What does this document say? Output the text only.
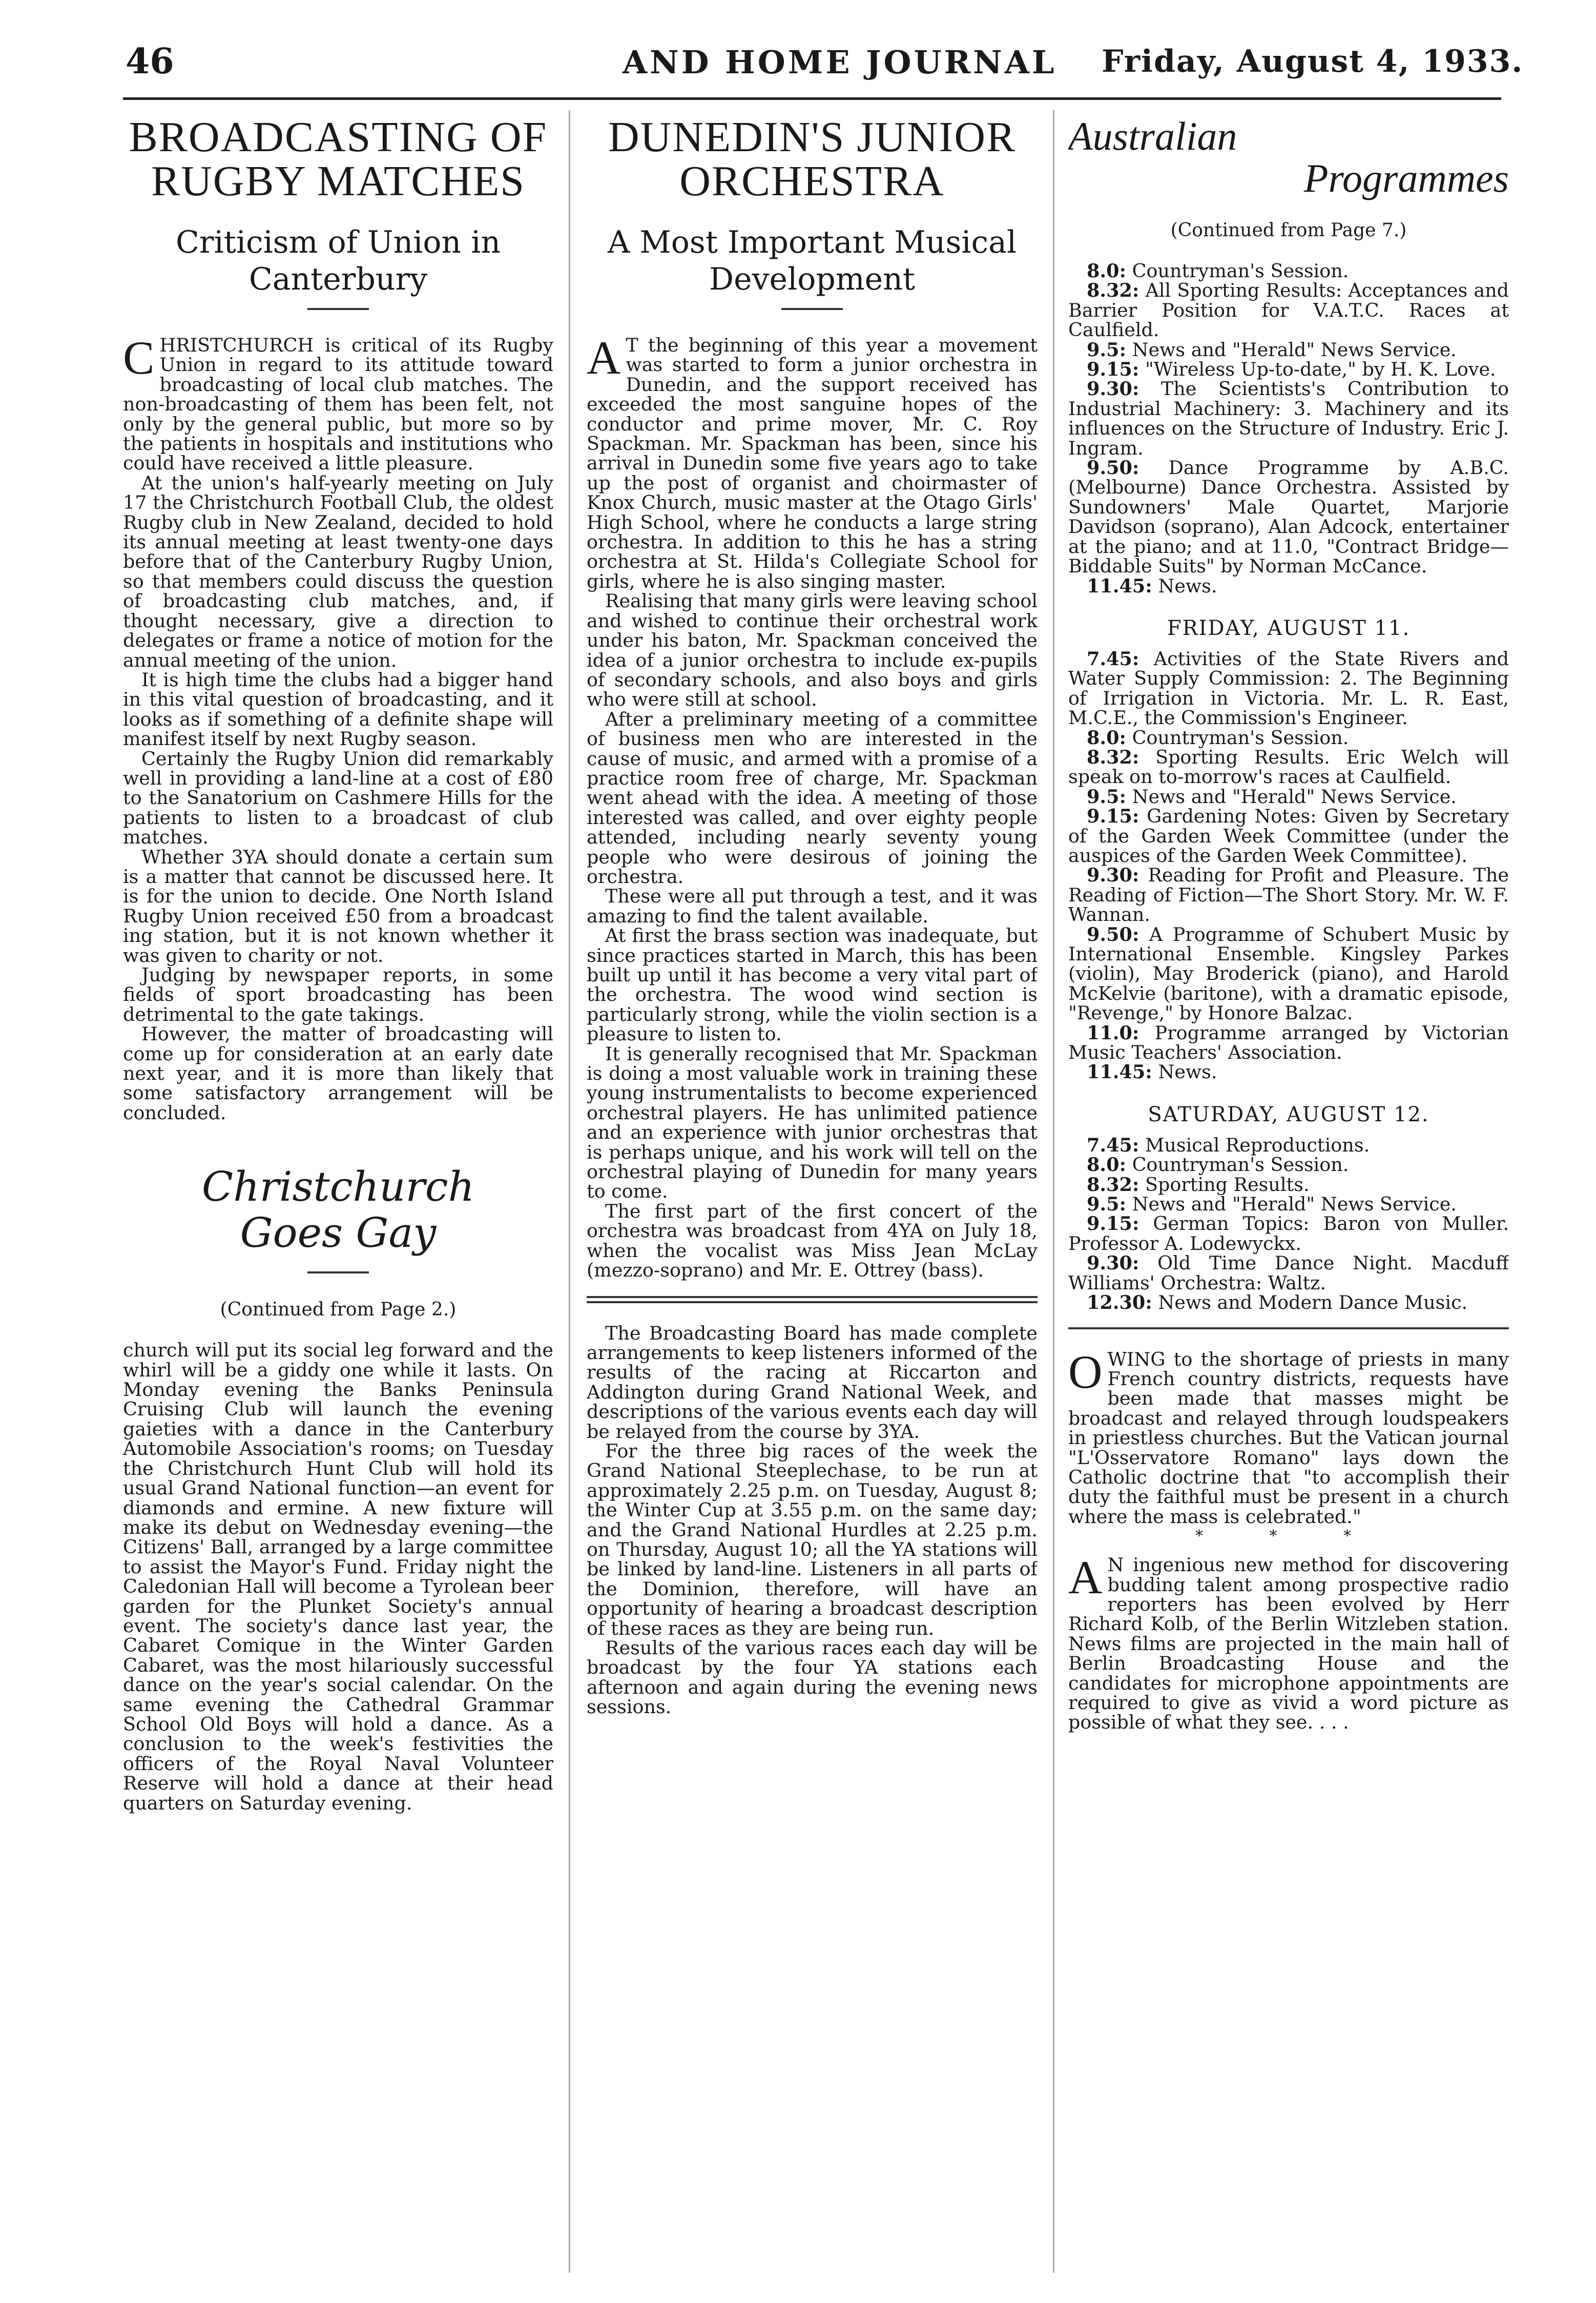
46	AND HOME JOURNAL Friday, August 4, 1933.
BROADCASTING OF RUGBY MATCHES
Criticism of Union in Canterbury

CHRISTCHURCH is critical of its Rugby Union in regard to its attitude toward broadcasting of local club matches. The non-broadcasting of them has been felt, not only by the general public, but more so by the patients in hospitals and institutions who could have received a little pleasure.

At the union's half-yearly meeting on July 17 the Christchurch Football Club, the oldest Rugby club in New Zealand, decided to hold its annual meeting at least twenty-one days before that of the Canterbury Rugby Union, so that members could discuss the question of broadcasting club matches, and, if thought necessary, give a direction to delegates or frame a notice of motion for the annual meeting of the union.

It is high time the clubs had a bigger hand in this vital question of broadcasting, and it looks as if something of a definite shape will manifest itself by next Rugby season.

Certainly the Rugby Union did remarkably well in providing a land-line at a cost of £80 to the Sanatorium on Cashmere Hills for the patients to listen to a broadcast of club matches.

Whether 3YA should donate a certain sum is a matter that cannot be discussed here. It is for the union to decide. One North Island Rugby Union received £50 from a broadcast ing station, but it is not known whether it was given to charity or not.

Judging by newspaper reports, in some fields of sport broadcasting has been detrimental to the gate takings.

However, the matter of broadcasting will come up for consideration at an early date next year, and it is more than likely that some satisfactory arrangement will be concluded.

Christchurch
Goes Gay
(Continued from Page 2.)

church will put its social leg forward and the whirl will be a giddy one while it lasts. On Monday evening the Banks Peninsula Cruising Club will launch the evening gaieties with a dance in the Canterbury Automobile Association's rooms; on Tuesday the Christchurch Hunt Club will hold its usual Grand National function—an event for diamonds and ermine. A new fixture will make its debut on Wednesday evening—the Citizens' Ball, arranged by a large committee to assist the Mayor's Fund. Friday night the Caledonian Hall will become a Tyrolean beer garden for the Plunket Society's annual event. The society's dance last year, the Cabaret Comique in the Winter Garden Cabaret, was the most hilariously successful dance on the year's social calendar. On the same evening the Cathedral Grammar School Old Boys will hold a dance. As a conclusion to the week's festivities the officers of the Royal Naval Volunteer Reserve will hold a dance at their head quarters on Saturday evening.

DUNEDIN'S JUNIOR ORCHESTRA
A Most Important Musical Development

A T the beginning of this year a movement was started to form a junior orchestra in Dunedin, and the support received has exceeded the most sanguine hopes of the conductor and prime mover, Mr. C. Roy Spackman. Mr. Spackman has been, since his arrival in Dunedin some five years ago to take up the post of organist and choirmaster of Knox Church, music master at the Otago Girls' High School, where he conducts a large string orchestra. In addition to this he has a string orchestra at St. Hilda's Collegiate School for girls, where he is also singing master.

Realising that many girls were leaving school and wished to continue their orchestral work under his baton, Mr. Spackman conceived the idea of a junior orchestra to include ex-pupils of secondary schools, and also boys and girls who were still at school.

After a preliminary meeting of a committee of business men who are interested in the cause of music, and armed with a promise of a practice room free of charge, Mr. Spackman went ahead with the idea. A meeting of those interested was called, and over eighty people attended, including nearly seventy young people who were desirous of joining the orchestra.

These were all put through a test, and it was amazing to find the talent available.

At first the brass section was inadequate, but since practices started in March, this has been built up until it has become a very vital part of the orchestra. The wood wind section is particularly strong, while the violin section is a pleasure to listen to.

It is generally recognised that Mr. Spackman is doing a most valuable work in training these young instrumentalists to become experienced orchestral players. He has unlimited patience and an experience with junior orchestras that is perhaps unique, and his work will tell on the orchestral playing of Dunedin for many years to come.

The first part of the first concert of the orchestra was broadcast from 4YA on July 18, when the vocalist was Miss Jean McLay (mezzo-soprano) and Mr. E. Ottrey (bass).

The Broadcasting Board has made complete arrangements to keep listeners informed of the results of the racing at Riccarton and Addington during Grand National Week, and descriptions of the various events each day will be relayed from the course by 3YA.

For the three big races of the week the Grand National Steeplechase, to be run at approximately 2.25 p.m. on Tuesday, August 8; the Winter Cup at 3.55 p.m. on the same day; and the Grand National Hurdles at 2.25 p.m. on Thursday, August 10; all the YA stations will be linked by land-line. Listeners in all parts of the Dominion, therefore, will have an opportunity of hearing a broadcast description of these races as they are being run.

Results of the various races each day will be broadcast by the four YA stations each afternoon and again during the evening news sessions.

Australian
Programmes
(Continued from Page 7.)

8.0: Countryman's Session.

8.32: All Sporting Results: Acceptances and Barrier Position for V.A.T.C. Races at Caulfield.

9.5: News and "Herald" News Service.

9.15: "Wireless Up-to-date," by H. K. Love.

9.30: The Scientists's Contribution to Industrial Machinery: 3. Machinery and its influences on the Structure of Industry. Eric J. Ingram.

9.50: Dance Programme by A.B.C. (Melbourne) Dance Orchestra. Assisted by Sundowners' Male Quartet, Marjorie Davidson (soprano), Alan Adcock, entertainer at the piano; and at 11.0, "Contract Bridge—Biddable Suits" by Norman McCance.

11.45: News.

FRIDAY, AUGUST 11.

7.45: Activities of the State Rivers and Water Supply Commission: 2. The Beginning of Irrigation in Victoria. Mr. L. R. East, M.C.E., the Commission's Engineer.

8.0: Countryman's Session.

8.32: Sporting Results. Eric Welch will speak on to-morrow's races at Caulfield.

9.5: News and "Herald" News Service.

9.15: Gardening Notes: Given by Secretary of the Garden Week Committee (under the auspices of the Garden Week Committee).

9.30: Reading for Profit and Pleasure. The Reading of Fiction—The Short Story. Mr. W. F. Wannan.

9.50: A Programme of Schubert Music by International Ensemble. Kingsley Parkes (violin), May Broderick (piano), and Harold McKelvie (baritone), with a dramatic episode, "Revenge," by Honore Balzac.

11.0: Programme arranged by Victorian Music Teachers' Association.

11.45: News.

SATURDAY, AUGUST 12.

7.45: Musical Reproductions.

8.0: Countryman's Session.

8.32: Sporting Results.

9.5: News and "Herald" News Service.

9.15: German Topics: Baron von Muller. Professor A. Lodewyckx.

9.30: Old Time Dance Night. Macduff Williams' Orchestra: Waltz.

12.30: News and Modern Dance Music.

OWING to the shortage of priests in many French country districts, requests have been made that masses might be broadcast and relayed through loudspeakers in priestless churches. But the Vatican journal "L'Osservatore Romano" lays down the Catholic doctrine that "to accomplish their duty the faithful must be present in a church where the mass is celebrated."

* * *

A N ingenious new method for discovering budding talent among prospective radio reporters has been evolved by Herr Richard Kolb, of the Berlin Witzleben station. News films are projected in the main hall of Berlin Broadcasting House and the candidates for microphone appointments are required to give as vivid a word picture as possible of what they see. . . .
